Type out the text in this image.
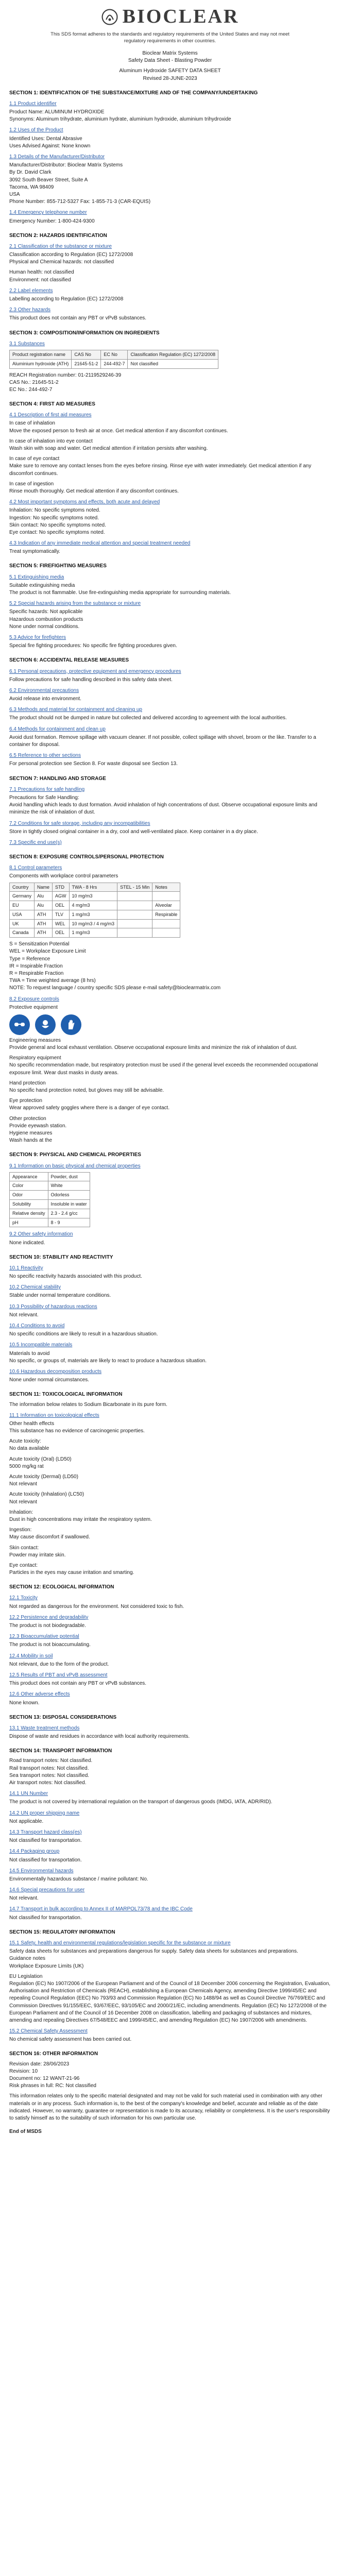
BIOCLEAR

This SDS format adheres to the standards and regulatory requirements of the United States and may not meet regulatory requirements in other countries.

Bioclear Matrix Systems
Safety Data Sheet - Blasting Powder
Aluminum Hydroxide SAFETY DATA SHEET
Revised 28-JUNE-2023
SECTION 1: IDENTIFICATION OF THE SUBSTANCE/MIXTURE AND OF THE COMPANY/UNDERTAKING
1.1 Product identifier

Product Name: ALUMINUM HYDROXIDE

Synonyms: Aluminum trihydrate, aluminium hydrate, aluminium hydroxide, aluminium trihydroxide

1.2 Uses of the Product

Identified Uses: Dental Abrasive

Uses Advised Against: None known

1.3 Details of the Manufacturer/Distributor

Manufacturer/Distributor: Bioclear Matrix Systems

By Dr. David Clark

3092 South Beaver Street, Suite A

Tacoma, WA 98409

USA

Phone Number: 855-712-5327 Fax: 1-855-71-3 (CAR-EQUIS)

1.4 Emergency telephone number

Emergency Number: 1-800-424-9300

SECTION 2: HAZARDS IDENTIFICATION
2.1 Classification of the substance or mixture

Classification according to Regulation (EC) 1272/2008

Physical and Chemical hazards: not classified

Human health: not classified

Environment: not classified

2.2 Label elements

Labelling according to Regulation (EC) 1272/2008

2.3 Other hazards

This product does not contain any PBT or vPvB substances.

SECTION 3: COMPOSITION/INFORMATION ON INGREDIENTS
3.1 Substances
Product registration name	CAS No	EC No	Classification Regulation (EC) 1272/2008
Aluminium hydroxide (ATH)	21645-51-2	244-492-7	Not classified

REACH Registration number: 01-2119529246-39

CAS No.: 21645-51-2

EC No.: 244-492-7

SECTION 4: FIRST AID MEASURES
4.1 Description of first aid measures

In case of inhalation

Move the exposed person to fresh air at once. Get medical attention if any discomfort continues.

In case of inhalation into eye contact

Wash skin with soap and water. Get medical attention if irritation persists after washing.

In case of eye contact

Make sure to remove any contact lenses from the eyes before rinsing. Rinse eye with water immediately. Get medical attention if any discomfort continues.

In case of ingestion

Rinse mouth thoroughly. Get medical attention if any discomfort continues.

4.2 Most important symptoms and effects, both acute and delayed

Inhalation: No specific symptoms noted.

Ingestion: No specific symptoms noted.

Skin contact: No specific symptoms noted.

Eye contact: No specific symptoms noted.

4.3 Indication of any immediate medical attention and special treatment needed

Treat symptomatically.

SECTION 5: FIREFIGHTING MEASURES
5.1 Extinguishing media

Suitable extinguishing media

The product is not flammable. Use fire-extinguishing media appropriate for surrounding materials.

5.2 Special hazards arising from the substance or mixture

Specific hazards: Not applicable

Hazardous combustion products

None under normal conditions.

5.3 Advice for firefighters

Special fire fighting procedures: No specific fire fighting procedures given.

SECTION 6: ACCIDENTAL RELEASE MEASURES
6.1 Personal precautions, protective equipment and emergency procedures

Follow precautions for safe handling described in this safety data sheet.

6.2 Environmental precautions

Avoid release into environment.

6.3 Methods and material for containment and cleaning up

The product should not be dumped in nature but collected and delivered according to agreement with the local authorities.

6.4 Methods for containment and clean up

Avoid dust formation. Remove spillage with vacuum cleaner. If not possible, collect spillage with shovel, broom or the like. Transfer to a container for disposal.

6.5 Reference to other sections

For personal protection see Section 8. For waste disposal see Section 13.

SECTION 7: HANDLING AND STORAGE
7.1 Precautions for safe handling

Precautions for Safe Handling:

Avoid handling which leads to dust formation. Avoid inhalation of high concentrations of dust. Observe occupational exposure limits and minimize the risk of inhalation of dust.

7.2 Conditions for safe storage, including any incompatibilities

Store in tightly closed original container in a dry, cool and well-ventilated place. Keep container in a dry place.

7.3 Specific end use(s)
SECTION 8: EXPOSURE CONTROLS/PERSONAL PROTECTION
8.1 Control parameters

Components with workplace control parameters

Country	Name	STD	TWA - 8 Hrs	STEL - 15 Min	Notes
Germany	Alu	AGW	10 mg/m3		
EU	Alu	OEL	4 mg/m3		Alveolar
USA	ATH	TLV	1 mg/m3		Respirable
UK	ATH	WEL	10 mg/m3 / 4 mg/m3		
Canada	ATH	OEL	1 mg/m3		

S = Sensitization Potential

WEL = Workplace Exposure Limit

Type = Reference

IR = Inspirable Fraction

R = Respirable Fraction

TWA = Time weighted average (8 hrs)

NOTE: To request language / country specific SDS please e-mail safety@bioclearmatrix.com

8.2 Exposure controls

Protective equipment

Engineering measures

Provide general and local exhaust ventilation. Observe occupational exposure limits and minimize the risk of inhalation of dust.

Respiratory equipment

No specific recommendation made, but respiratory protection must be used if the general level exceeds the recommended occupational exposure limit. Wear dust masks in dusty areas.

Hand protection

No specific hand protection noted, but gloves may still be advisable.

Eye protection

Wear approved safety goggles where there is a danger of eye contact.

Other protection

Provide eyewash station.

Hygiene measures

Wash hands at the

SECTION 9: PHYSICAL AND CHEMICAL PROPERTIES
9.1 Information on basic physical and chemical properties
Appearance	Powder, dust
Color	White
Odor	Odorless
Solubility	Insoluble in water
Relative density	2.3 - 2.4 g/cc
pH	8 - 9
9.2 Other safety information

None indicated.

SECTION 10: STABILITY AND REACTIVITY
10.1 Reactivity

No specific reactivity hazards associated with this product.

10.2 Chemical stability

Stable under normal temperature conditions.

10.3 Possibility of hazardous reactions

Not relevant.

10.4 Conditions to avoid

No specific conditions are likely to result in a hazardous situation.

10.5 Incompatible materials

Materials to avoid

No specific, or groups of, materials are likely to react to produce a hazardous situation.

10.6 Hazardous decomposition products

None under normal circumstances.

SECTION 11: TOXICOLOGICAL INFORMATION

The information below relates to Sodium Bicarbonate in its pure form.

11.1 Information on toxicological effects

Other health effects

This substance has no evidence of carcinogenic properties.

Acute toxicity:

No data available

Acute toxicity (Oral) (LD50)

5000 mg/kg rat

Acute toxicity (Dermal) (LD50)

Not relevant

Acute toxicity (Inhalation) (LC50)

Not relevant

Inhalation:

Dust in high concentrations may irritate the respiratory system.

Ingestion:

May cause discomfort if swallowed.

Skin contact:

Powder may irritate skin.

Eye contact:

Particles in the eyes may cause irritation and smarting.

SECTION 12: ECOLOGICAL INFORMATION
12.1 Toxicity

Not regarded as dangerous for the environment. Not considered toxic to fish.

12.2 Persistence and degradability

The product is not biodegradable.

12.3 Bioaccumulative potential

The product is not bioaccumulating.

12.4 Mobility in soil

Not relevant, due to the form of the product.

12.5 Results of PBT and vPvB assessment

This product does not contain any PBT or vPvB substances.

12.6 Other adverse effects

None known.

SECTION 13: DISPOSAL CONSIDERATIONS
13.1 Waste treatment methods

Dispose of waste and residues in accordance with local authority requirements.

SECTION 14: TRANSPORT INFORMATION

Road transport notes: Not classified.

Rail transport notes: Not classified.

Sea transport notes: Not classified.

Air transport notes: Not classified.

14.1 UN Number

The product is not covered by international regulation on the transport of dangerous goods (IMDG, IATA, ADR/RID).

14.2 UN proper shipping name

Not applicable.

14.3 Transport hazard class(es)

Not classified for transportation.

14.4 Packaging group

Not classified for transportation.

14.5 Environmental hazards

Environmentally hazardous substance / marine pollutant: No.

14.6 Special precautions for user

Not relevant.

14.7 Transport in bulk according to Annex II of MARPOL73/78 and the IBC Code

Not classified for transportation.

SECTION 15: REGULATORY INFORMATION
15.1 Safety, health and environmental regulations/legislation specific for the substance or mixture

Safety data sheets for substances and preparations dangerous for supply. Safety data sheets for substances and preparations.

Guidance notes

Workplace Exposure Limits (UK)

EU Legislation

Regulation (EC) No 1907/2006 of the European Parliament and of the Council of 18 December 2006 concerning the Registration, Evaluation, Authorisation and Restriction of Chemicals (REACH), establishing a European Chemicals Agency, amending Directive 1999/45/EC and repealing Council Regulation (EEC) No 793/93 and Commission Regulation (EC) No 1488/94 as well as Council Directive 76/769/EEC and Commission Directives 91/155/EEC, 93/67/EEC, 93/105/EC and 2000/21/EC, including amendments. Regulation (EC) No 1272/2008 of the European Parliament and of the Council of 16 December 2008 on classification, labelling and packaging of substances and mixtures, amending and repealing Directives 67/548/EEC and 1999/45/EC, and amending Regulation (EC) No 1907/2006 with amendments.

15.2 Chemical Safety Assessment

No chemical safety assessment has been carried out.

SECTION 16: OTHER INFORMATION

Revision date: 28/06/2023

Revision: 10

Document no: 12 WANT-21-96

Risk phrases in full: RC: Not classified

This information relates only to the specific material designated and may not be valid for such material used in combination with any other materials or in any process. Such information is, to the best of the company's knowledge and belief, accurate and reliable as of the date indicated. However, no warranty, guarantee or representation is made to its accuracy, reliability or completeness. It is the user's responsibility to satisfy himself as to the suitability of such information for his own particular use.

End of MSDS
